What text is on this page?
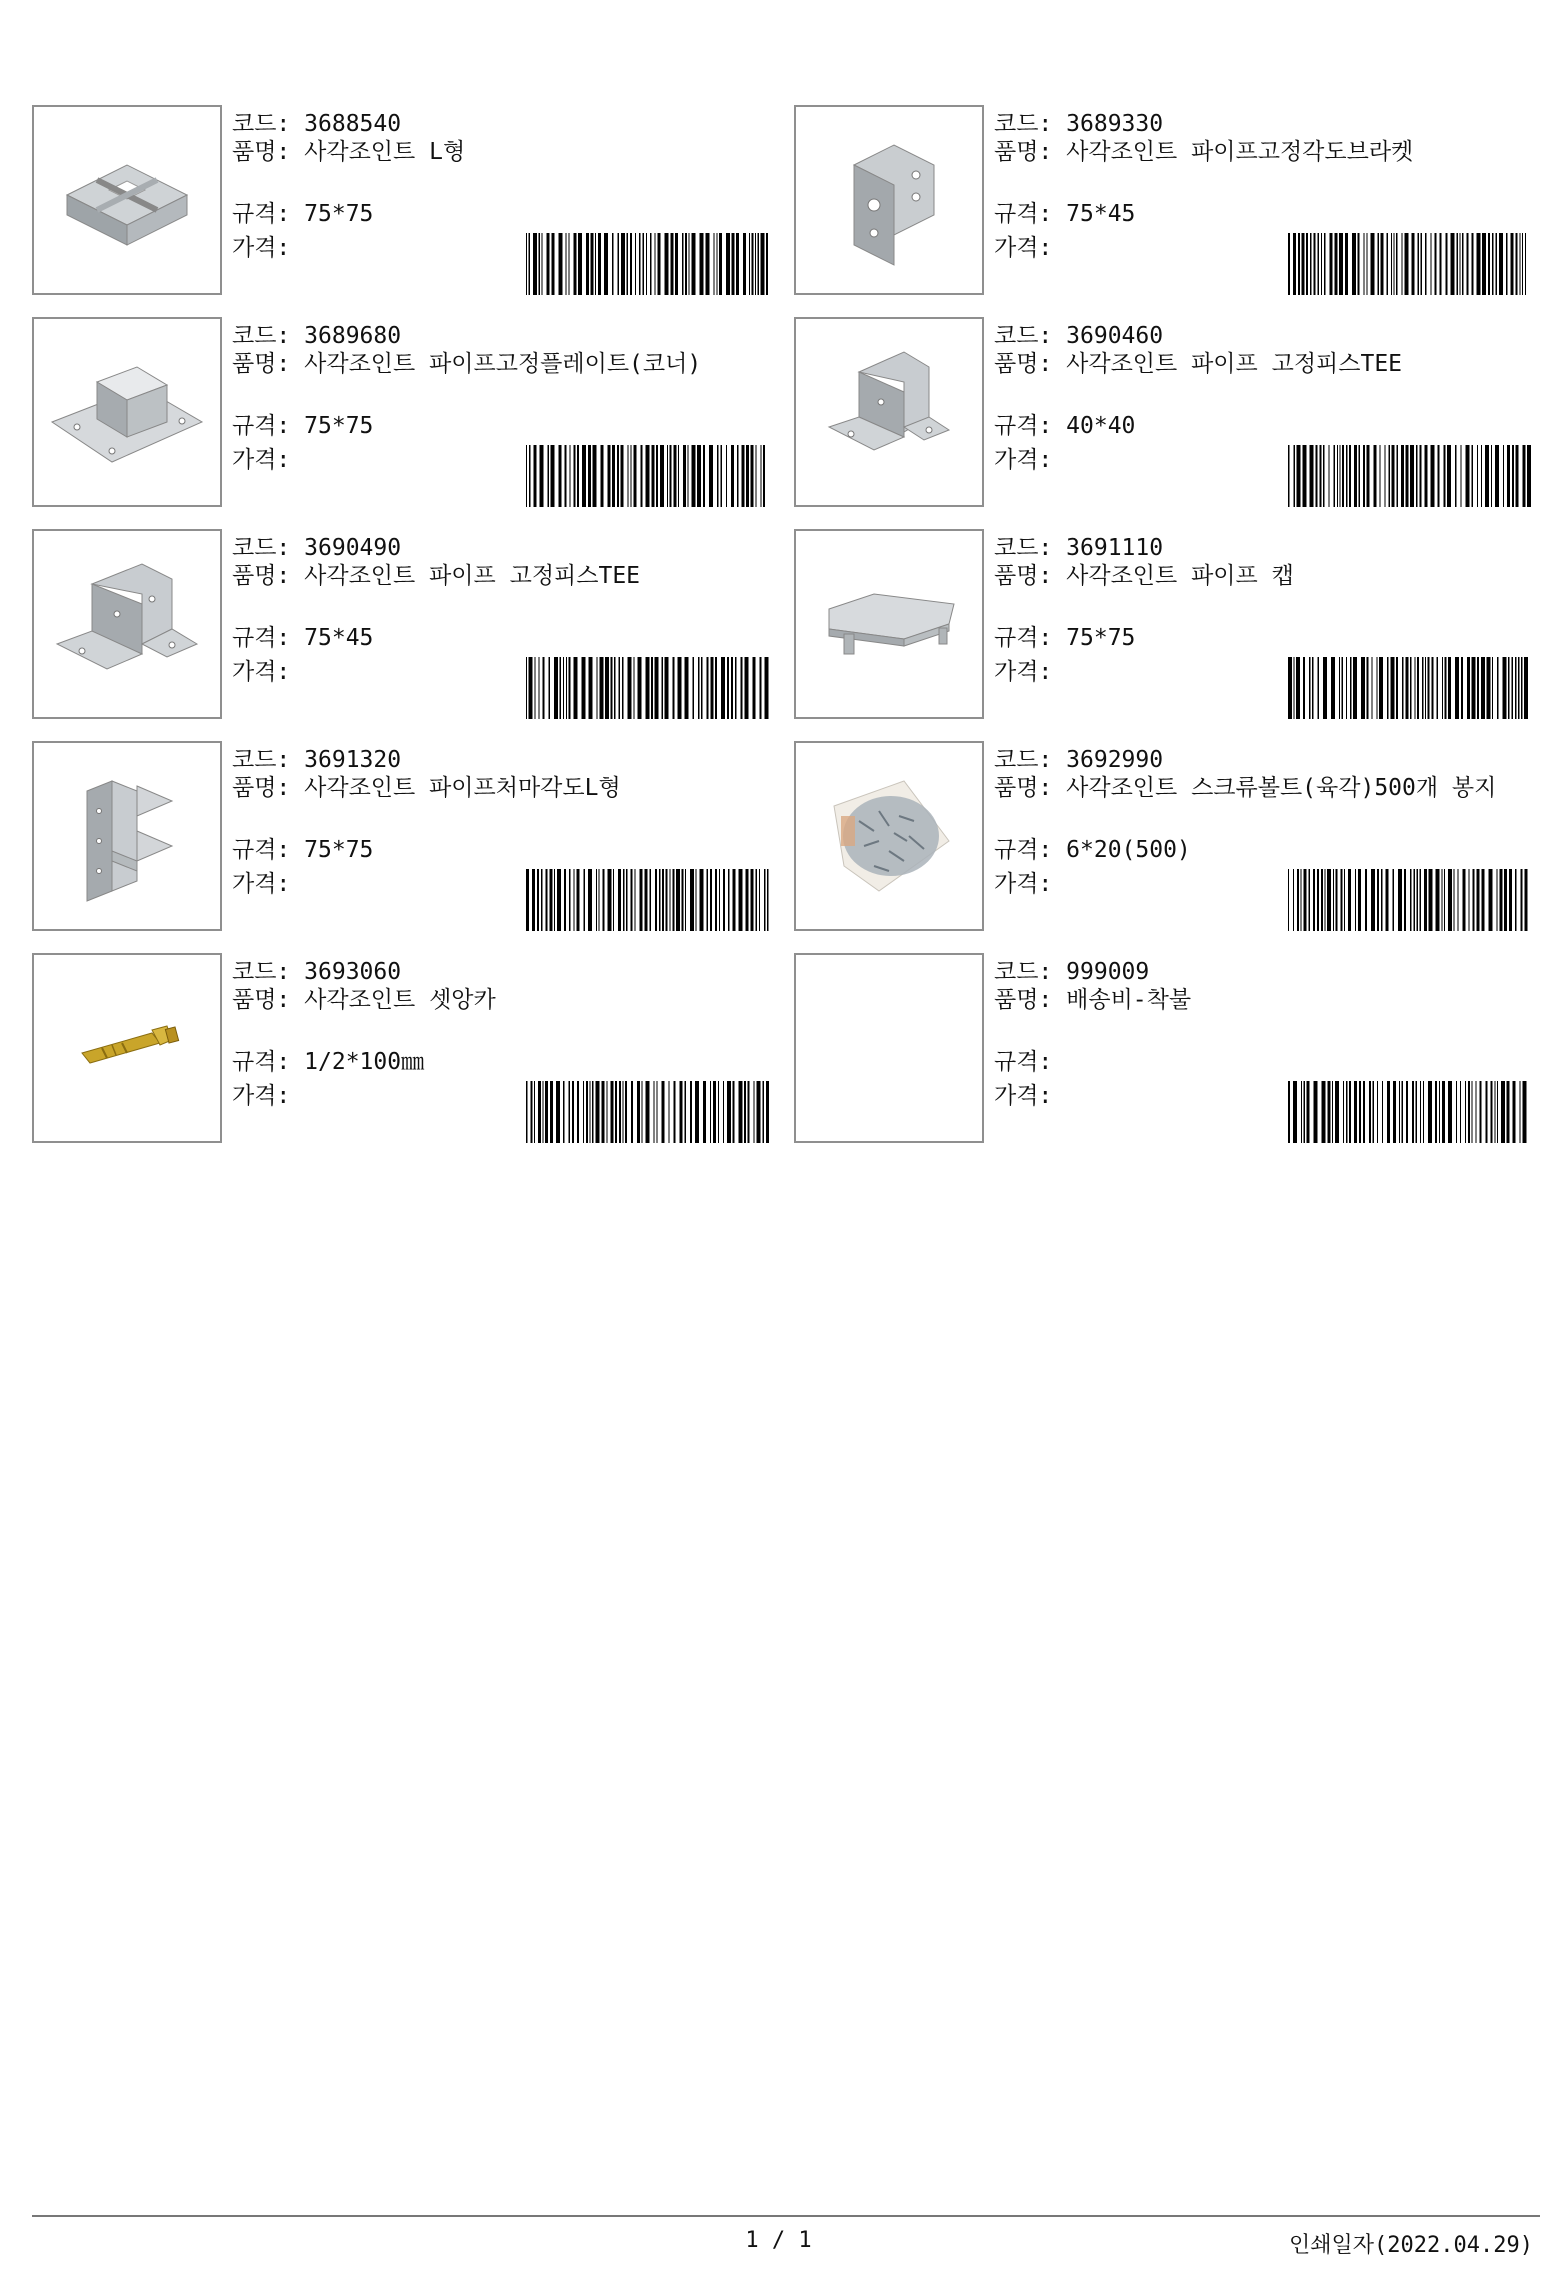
코드: 3688540
품명: 사각조인트 L형
규격: 75*75
가격:
코드: 3689330
품명: 사각조인트 파이프고정각도브라켓
규격: 75*45
가격:
코드: 3689680
품명: 사각조인트 파이프고정플레이트(코너)
규격: 75*75
가격:
코드: 3690460
품명: 사각조인트 파이프 고정피스TEE
규격: 40*40
가격:
코드: 3690490
품명: 사각조인트 파이프 고정피스TEE
규격: 75*45
가격:
코드: 3691110
품명: 사각조인트 파이프 캡
규격: 75*75
가격:
코드: 3691320
품명: 사각조인트 파이프처마각도L형
규격: 75*75
가격:
코드: 3692990
품명: 사각조인트 스크류볼트(육각)500개 봉지
규격: 6*20(500)
가격:
코드: 3693060
품명: 사각조인트 셋앙카
규격: 1/2*100㎜
가격:
코드: 999009
품명: 배송비-착불
규격:
가격:
1 / 1	인쇄일자(2022.04.29)
